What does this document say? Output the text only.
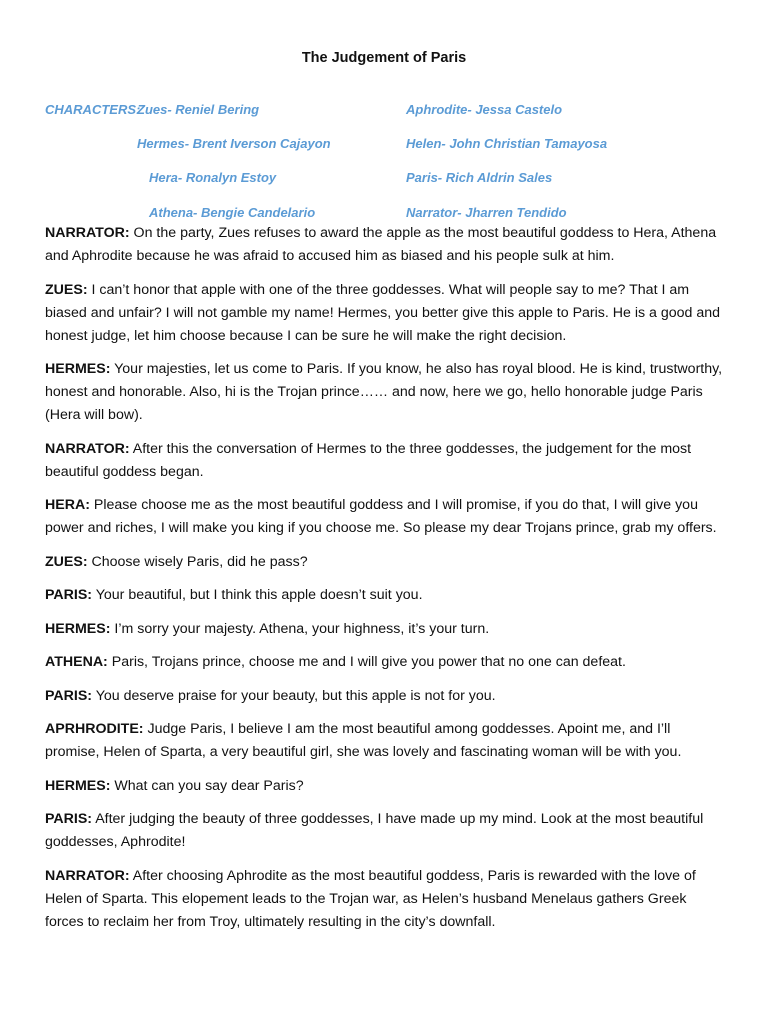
The Judgement of Paris
CHARACTERS:
Zues- Reniel Bering
Hermes- Brent Iverson Cajayon
Hera- Ronalyn Estoy
Athena- Bengie Candelario
Aphrodite- Jessa Castelo
Helen- John Christian Tamayosa
Paris- Rich Aldrin Sales
Narrator- Jharren Tendido

NARRATOR: On the party, Zues refuses to award the apple as the most beautiful goddess to Hera, Athena and Aphrodite because he was afraid to accused him as biased and his people sulk at him.

ZUES: I can’t honor that apple with one of the three goddesses. What will people say to me? That I am biased and unfair? I will not gamble my name! Hermes, you better give this apple to Paris. He is a good and honest judge, let him choose because I can be sure he will make the right decision.

HERMES: Your majesties, let us come to Paris. If you know, he also has royal blood. He is kind, trustworthy, honest and honorable. Also, hi is the Trojan prince…… and now, here we go, hello honorable judge Paris (Hera will bow).

NARRATOR: After this the conversation of Hermes to the three goddesses, the judgement for the most beautiful goddess began.

HERA: Please choose me as the most beautiful goddess and I will promise, if you do that, I will give you power and riches, I will make you king if you choose me. So please my dear Trojans prince, grab my offers.

ZUES: Choose wisely Paris, did he pass?

PARIS: Your beautiful, but I think this apple doesn’t suit you.

HERMES: I’m sorry your majesty. Athena, your highness, it’s your turn.

ATHENA: Paris, Trojans prince, choose me and I will give you power that no one can defeat.

PARIS: You deserve praise for your beauty, but this apple is not for you.

APRHRODITE: Judge Paris, I believe I am the most beautiful among goddesses. Apoint me, and I’ll promise, Helen of Sparta, a very beautiful girl, she was lovely and fascinating woman will be with you.

HERMES: What can you say dear Paris?

PARIS: After judging the beauty of three goddesses, I have made up my mind. Look at the most beautiful goddesses, Aphrodite!

NARRATOR: After choosing Aphrodite as the most beautiful goddess, Paris is rewarded with the love of Helen of Sparta. This elopement leads to the Trojan war, as Helen’s husband Menelaus gathers Greek forces to reclaim her from Troy, ultimately resulting in the city’s downfall.
